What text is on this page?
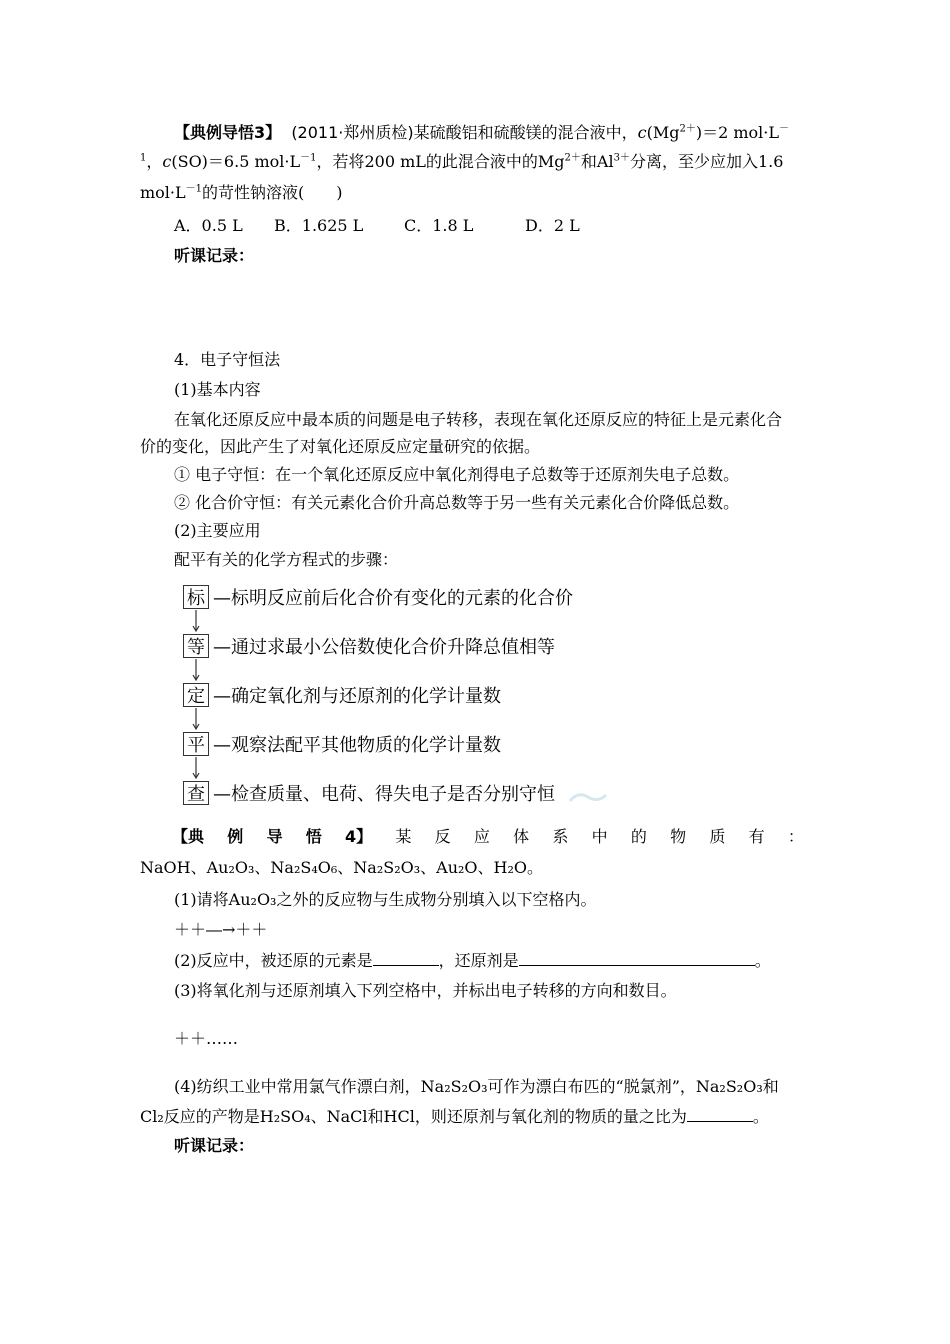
【典例导悟3】 (2011·郑州质检)某硫酸铝和硫酸镁的混合液中，$c(Mg^{2+})=2$ mol·L－
$^1$，c(SO)＝6.5 $mol\cdot L^{-1}$，若将200 mL的此混合液中的$Mg^{2+}$和$Al^{3+}$分离，至少应加入1.6
$mol\cdot L^{-1}$的苛性钠溶液(　　)
A．0.5 L B．1.625 L	C．1.8 L	D．2 L
听课记录：
4．电子守恒法
(1)基本内容
在氧化还原反应中最本质的问题是电子转移，表现在氧化还原反应的特征上是元素化合
价的变化，因此产生了对氧化还原反应定量研究的依据。
① 电子守恒：在一个氧化还原反应中氧化剂得电子总数等于还原剂失电子总数。
② 化合价守恒：有关元素化合价升高总数等于另一些有关元素化合价降低总数。
(2)主要应用
配平有关的化学方程式的步骤：
标 —标明反应前后化合价有变化的元素的化合价
等 —通过求最小公倍数使化合价升降总值相等
定 —确定氧化剂与还原剂的化学计量数
平 —观察法配平其他物质的化学计量数
查 —检查质量、电荷、得失电子是否分别守恒
【典 例 导 悟 4】 某 反 应 体 系 中 的 物 质 有 ：
NaOH、Au₂O₃、Na₂S₄O₆、Na₂S₂O₃、Au₂O、H₂O。
(1)请将Au₂O₃之外的反应物与生成物分别填入以下空格内。
＋＋―→＋＋
(2)反应中，被还原的元素是	，还原剂是	。
(3)将氧化剂与还原剂填入下列空格中，并标出电子转移的方向和数目。
＋＋……
(4)纺织工业中常用氯气作漂白剂，Na₂S₂O₃可作为漂白布匹的“脱氯剂”，Na₂S₂O₃和
Cl₂反应的产物是H₂SO₄、NaCl和HCl，则还原剂与氧化剂的物质的量之比为	。
听课记录：
